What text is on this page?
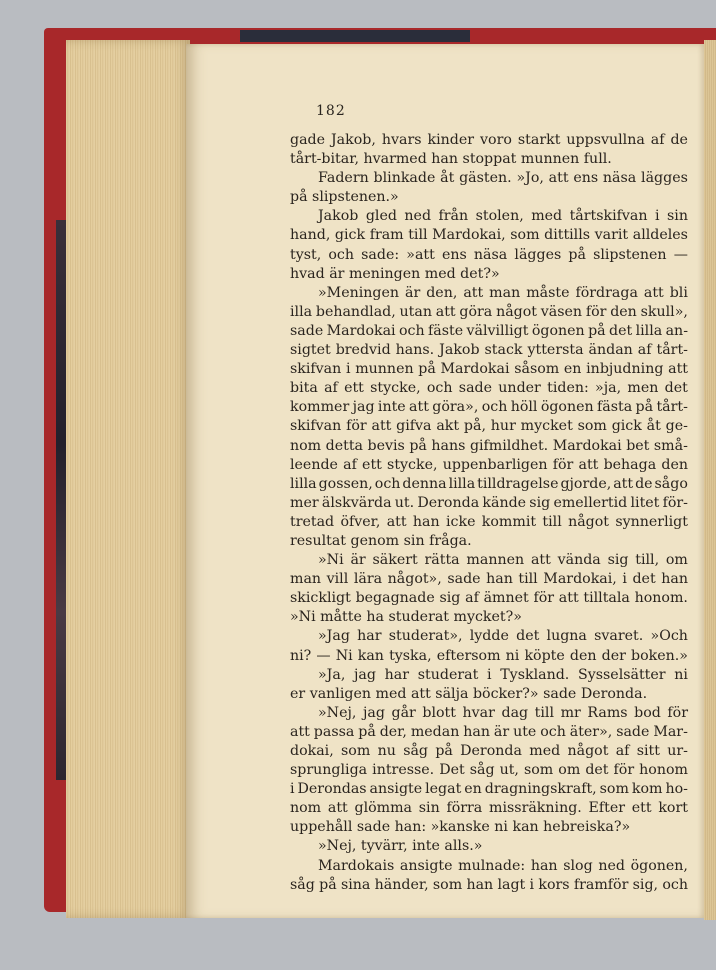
182
gade Jakob, hvars kinder voro starkt uppsvullna af de
tårt-bitar, hvarmed han stoppat munnen full.
Fadern blinkade åt gästen. »Jo, att ens näsa lägges
på slipstenen.»
Jakob gled ned från stolen, med tårtskifvan i sin
hand, gick fram till Mardokai, som dittills varit alldeles
tyst, och sade: »att ens näsa lägges på slipstenen —
hvad är meningen med det?»
»Meningen är den, att man måste fördraga att bli
illa behandlad, utan att göra något väsen för den skull»,
sade Mardokai och fäste välvilligt ögonen på det lilla an-
sigtet bredvid hans. Jakob stack yttersta ändan af tårt-
skifvan i munnen på Mardokai såsom en inbjudning att
bita af ett stycke, och sade under tiden: »ja, men det
kommer jag inte att göra», och höll ögonen fästa på tårt-
skifvan för att gifva akt på, hur mycket som gick åt ge-
nom detta bevis på hans gifmildhet. Mardokai bet små-
leende af ett stycke, uppenbarligen för att behaga den
lilla gossen, och denna lilla tilldragelse gjorde, att de sågo
mer älskvärda ut. Deronda kände sig emellertid litet för-
tretad öfver, att han icke kommit till något synnerligt
resultat genom sin fråga.
»Ni är säkert rätta mannen att vända sig till, om
man vill lära något», sade han till Mardokai, i det han
skickligt begagnade sig af ämnet för att tilltala honom.
»Ni måtte ha studerat mycket?»
»Jag har studerat», lydde det lugna svaret. »Och
ni? — Ni kan tyska, eftersom ni köpte den der boken.»
»Ja, jag har studerat i Tyskland. Sysselsätter ni
er vanligen med att sälja böcker?» sade Deronda.
»Nej, jag går blott hvar dag till mr Rams bod för
att passa på der, medan han är ute och äter», sade Mar-
dokai, som nu såg på Deronda med något af sitt ur-
sprungliga intresse. Det såg ut, som om det för honom
i Derondas ansigte legat en dragningskraft, som kom ho-
nom att glömma sin förra missräkning. Efter ett kort
uppehåll sade han: »kanske ni kan hebreiska?»
»Nej, tyvärr, inte alls.»
Mardokais ansigte mulnade: han slog ned ögonen,
såg på sina händer, som han lagt i kors framför sig, och
